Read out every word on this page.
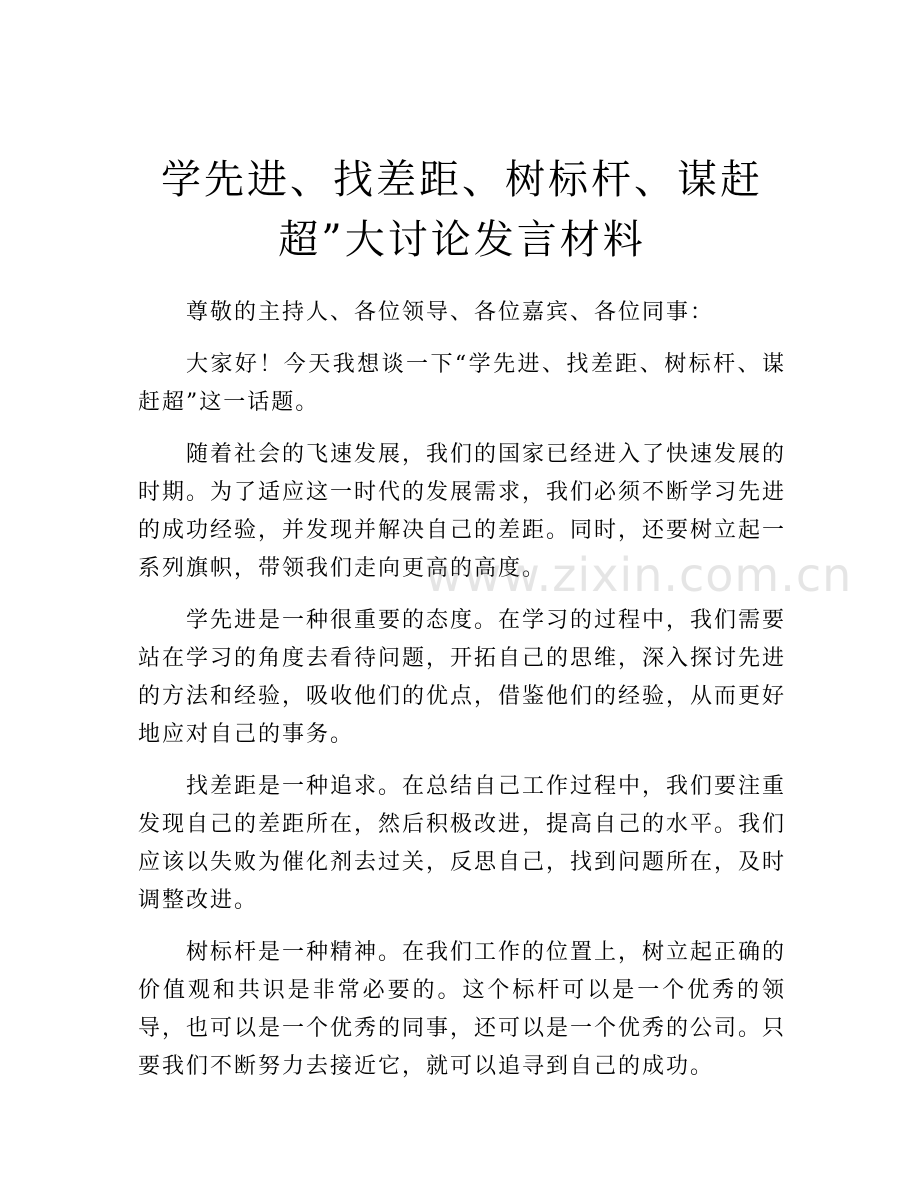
学先进、找差距、树标杆、谋赶超”大讨论发言材料

尊敬的主持人、各位领导、各位嘉宾、各位同事：

大家好！今天我想谈一下“学先进、找差距、树标杆、谋赶超”这一话题。

随着社会的飞速发展，我们的国家已经进入了快速发展的时期。为了适应这一时代的发展需求，我们必须不断学习先进的成功经验，并发现并解决自己的差距。同时，还要树立起一系列旗帜，带领我们走向更高的高度。

学先进是一种很重要的态度。在学习的过程中，我们需要站在学习的角度去看待问题，开拓自己的思维，深入探讨先进的方法和经验，吸收他们的优点，借鉴他们的经验，从而更好地应对自己的事务。

找差距是一种追求。在总结自己工作过程中，我们要注重发现自己的差距所在，然后积极改进，提高自己的水平。我们应该以失败为催化剂去过关，反思自己，找到问题所在，及时调整改进。

树标杆是一种精神。在我们工作的位置上，树立起正确的价值观和共识是非常必要的。这个标杆可以是一个优秀的领导，也可以是一个优秀的同事，还可以是一个优秀的公司。只要我们不断努力去接近它，就可以追寻到自己的成功。

www.zixin.com.cn
